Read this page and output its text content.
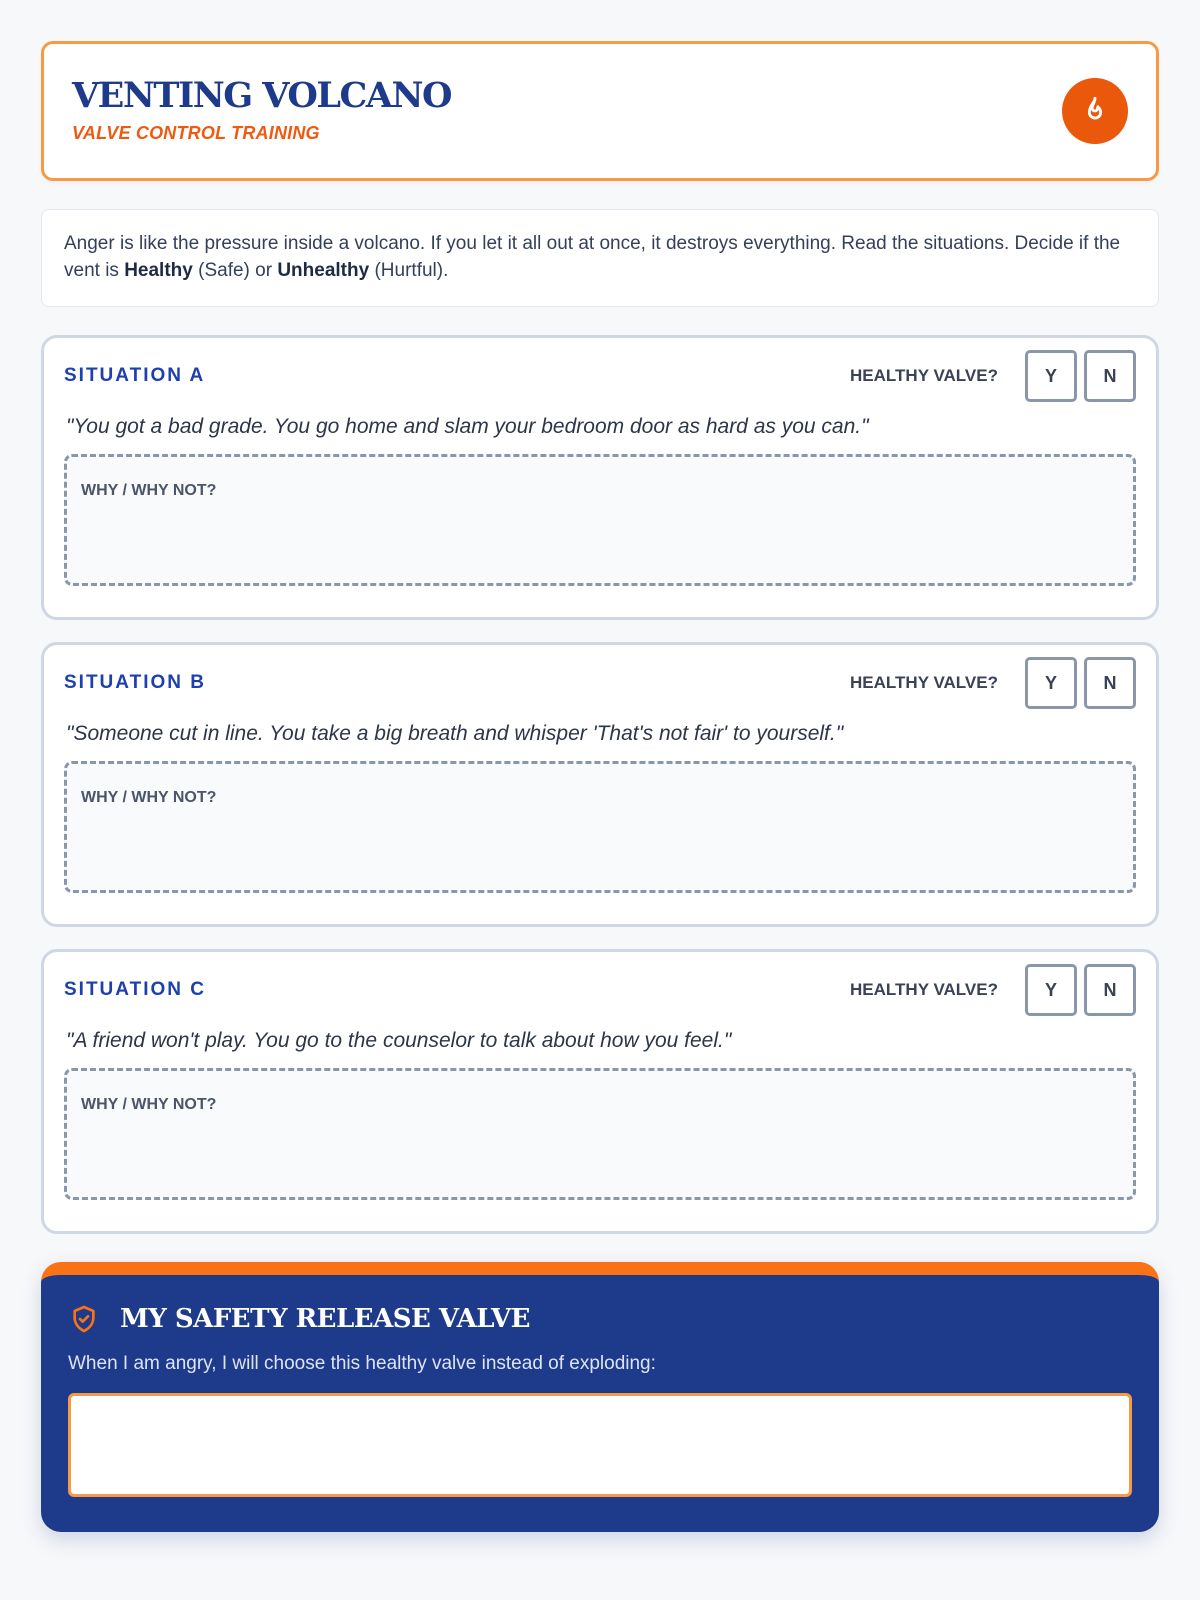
VENTING VOLCANO
VALVE CONTROL TRAINING
Anger is like the pressure inside a volcano. If you let it all out at once, it destroys everything. Read the situations. Decide if the vent is Healthy (Safe) or Unhealthy (Hurtful).
SITUATION A	HEALTHY VALVE?	Y	N

"You got a bad grade. You go home and slam your bedroom door as hard as you can."

WHY / WHY NOT?
SITUATION B	HEALTHY VALVE?	Y	N

"Someone cut in line. You take a big breath and whisper 'That's not fair' to yourself."

WHY / WHY NOT?
SITUATION C	HEALTHY VALVE?	Y	N

"A friend won't play. You go to the counselor to talk about how you feel."

WHY / WHY NOT?
MY SAFETY RELEASE VALVE

When I am angry, I will choose this healthy valve instead of exploding:
